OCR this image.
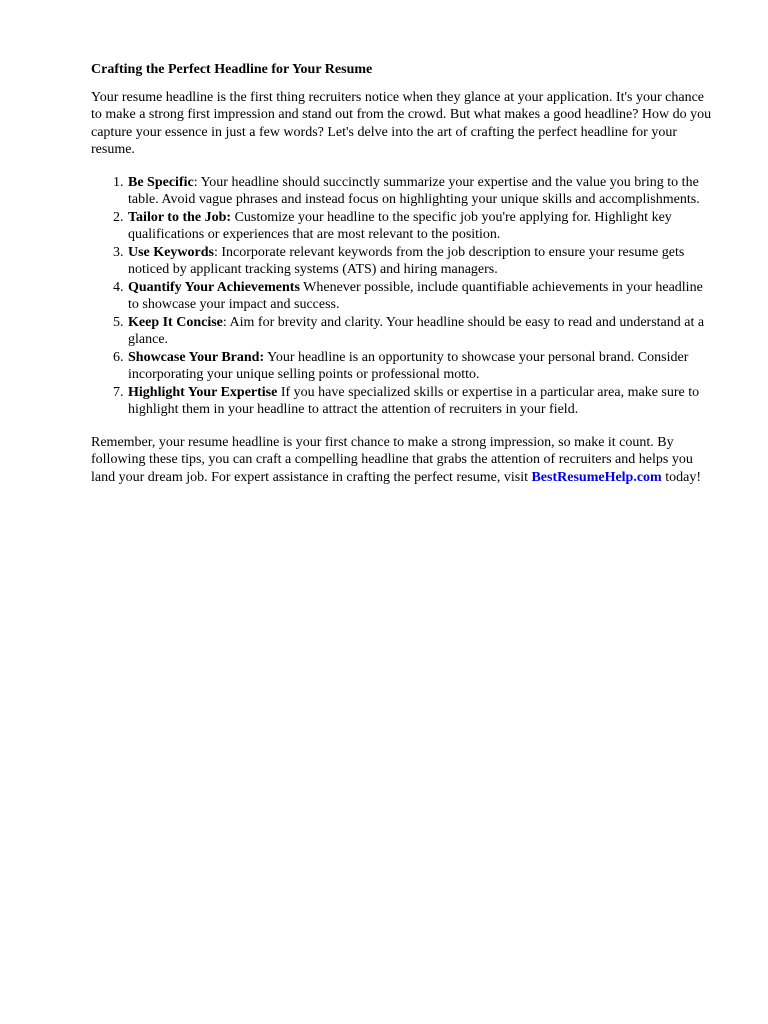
Crafting the Perfect Headline for Your Resume

Your resume headline is the first thing recruiters notice when they glance at your application. It's your chance to make a strong first impression and stand out from the crowd. But what makes a good headline? How do you capture your essence in just a few words? Let's delve into the art of crafting the perfect headline for your resume.

1. Be Specific: Your headline should succinctly summarize your expertise and the value you bring to the table. Avoid vague phrases and instead focus on highlighting your unique skills and accomplishments.
2. Tailor to the Job: Customize your headline to the specific job you're applying for. Highlight key qualifications or experiences that are most relevant to the position.
3. Use Keywords: Incorporate relevant keywords from the job description to ensure your resume gets noticed by applicant tracking systems (ATS) and hiring managers.
4. Quantify Your Achievements Whenever possible, include quantifiable achievements in your headline to showcase your impact and success.
5. Keep It Concise: Aim for brevity and clarity. Your headline should be easy to read and understand at a glance.
6. Showcase Your Brand: Your headline is an opportunity to showcase your personal brand. Consider incorporating your unique selling points or professional motto.
7. Highlight Your Expertise If you have specialized skills or expertise in a particular area, make sure to highlight them in your headline to attract the attention of recruiters in your field.

Remember, your resume headline is your first chance to make a strong impression, so make it count. By following these tips, you can craft a compelling headline that grabs the attention of recruiters and helps you land your dream job. For expert assistance in crafting the perfect resume, visit BestResumeHelp.com today!
